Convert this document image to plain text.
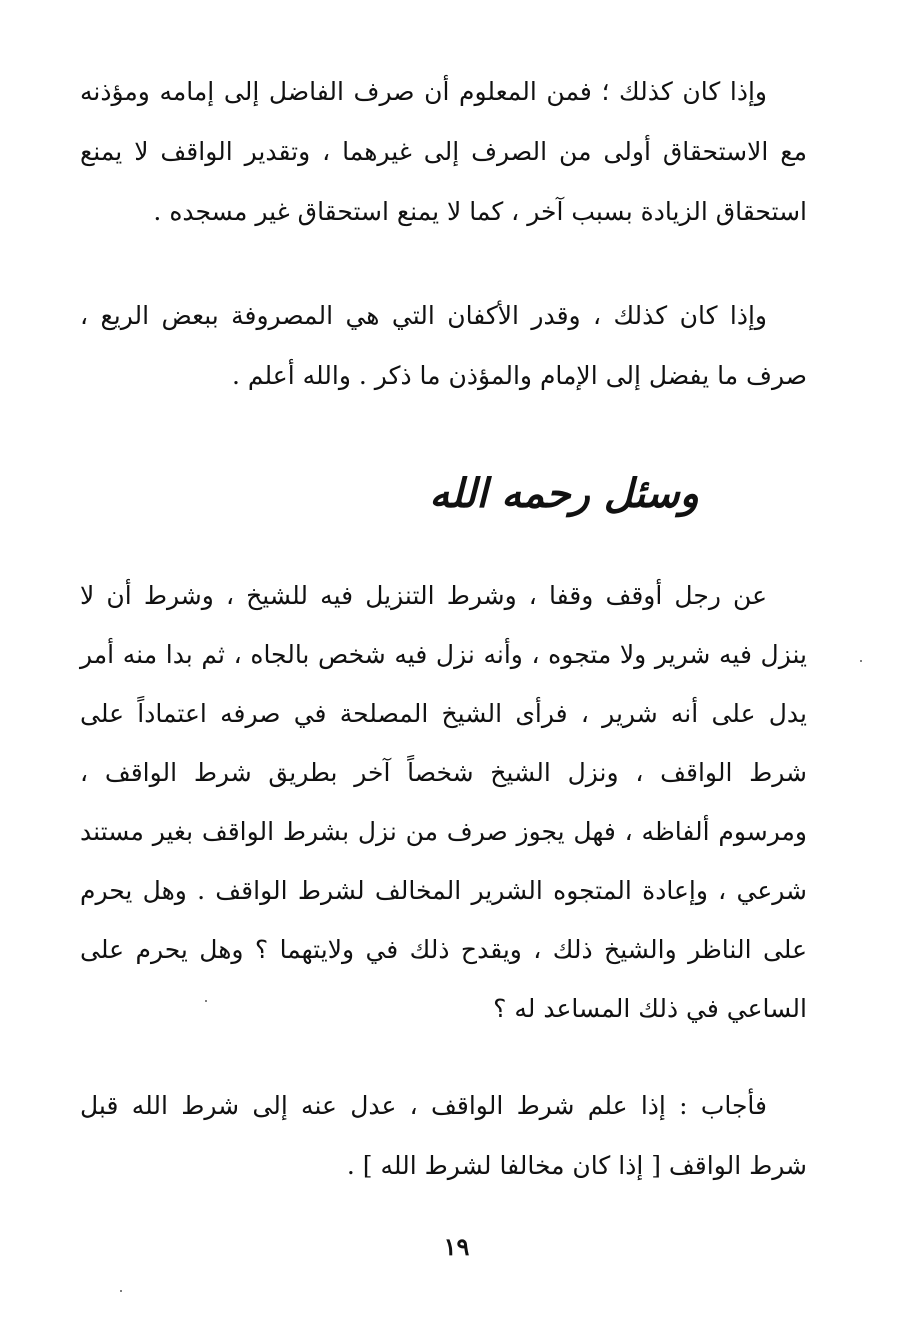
وإذا كان كذلك ؛ فمن المعلوم أن صرف الفاضل إلى إمامه ومؤذنه مع الاستحقاق أولى من الصرف إلى غيرهما ، وتقدير الواقف لا يمنع استحقاق الزيادة بسبب آخر ، كما لا يمنع استحقاق غير مسجده .

وإذا كان كذلك ، وقدر الأكفان التي هي المصروفة ببعض الريع ، صرف ما يفضل إلى الإمام والمؤذن ما ذكر . والله أعلم .

وسئل رحمه الله

عن رجل أوقف وقفا ، وشرط التنزيل فيه للشيخ ، وشرط أن لا ينزل فيه شرير ولا متجوه ، وأنه نزل فيه شخص بالجاه ، ثم بدا منه أمر يدل على أنه شرير ، فرأى الشيخ المصلحة في صرفه اعتماداً على شرط الواقف ، ونزل الشيخ شخصاً آخر بطريق شرط الواقف ، ومرسوم ألفاظه ، فهل يجوز صرف من نزل بشرط الواقف بغير مستند شرعي ، وإعادة المتجوه الشرير المخالف لشرط الواقف . وهل يحرم على الناظر والشيخ ذلك ، ويقدح ذلك في ولايتهما ؟ وهل يحرم على الساعي في ذلك المساعد له ؟

فأجاب : إذا علم شرط الواقف ، عدل عنه إلى شرط الله قبل شرط الواقف [ إذا كان مخالفا لشرط الله ] .

١٩
